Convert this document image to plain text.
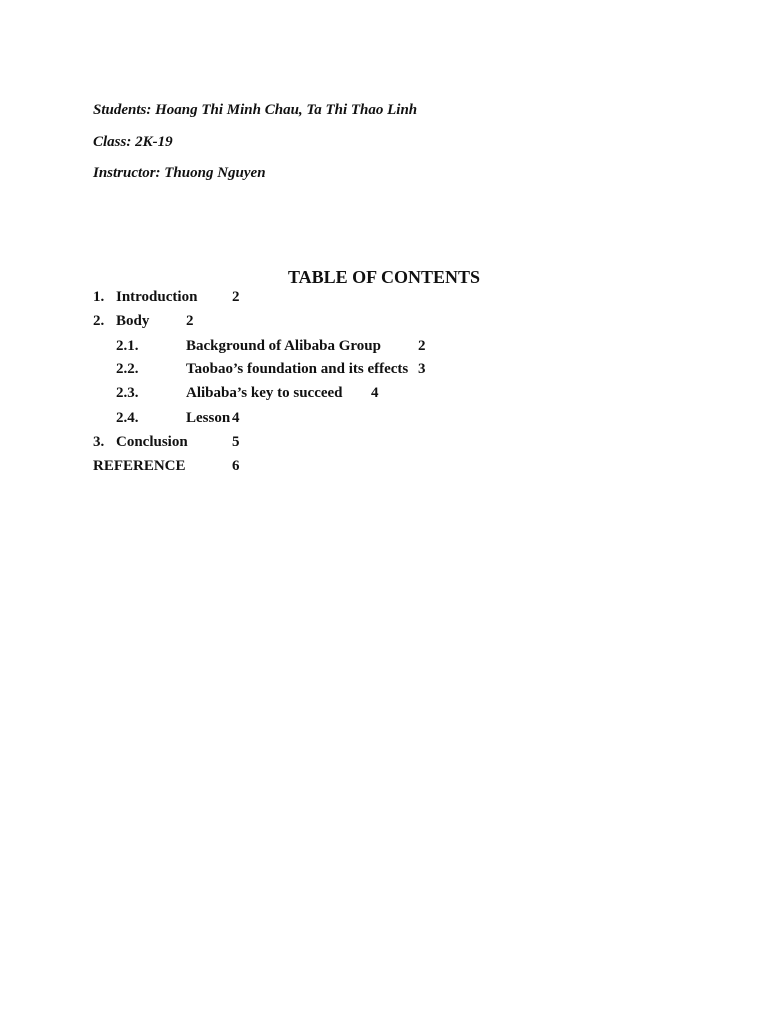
Students: Hoang Thi Minh Chau, Ta Thi Thao Linh
Class: 2K-19
Instructor: Thuong Nguyen
TABLE OF CONTENTS
1. Introduction 2
2. Body 2
2.1.	Background of Alibaba Group 2
2.2.	Taobao’s foundation and its effects 3
2.3.	Alibaba’s key to succeed 4
2.4.	Lesson 4
3. Conclusion	5
REFERENCE	6
